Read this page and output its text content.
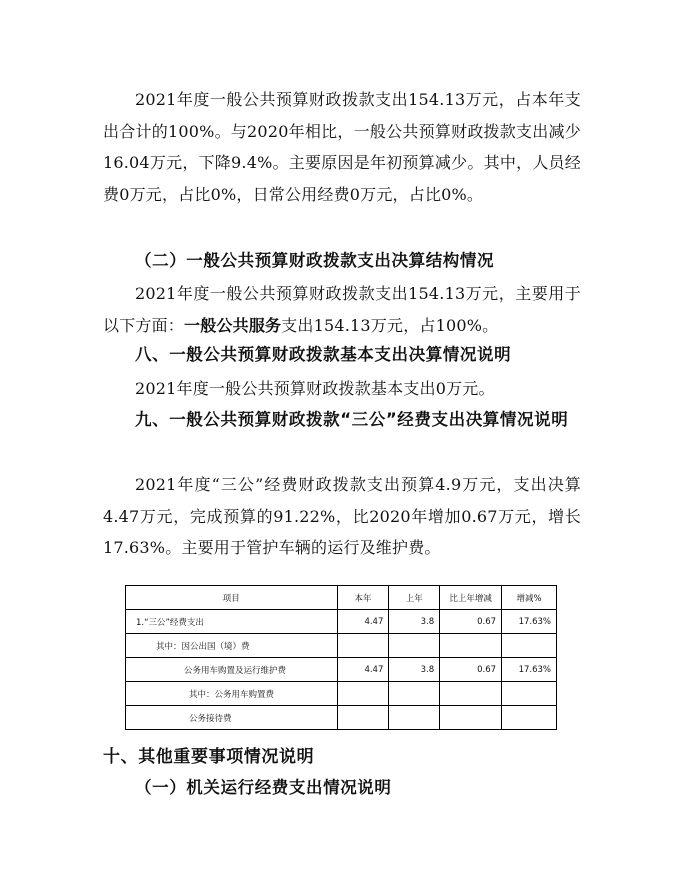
2021年度一般公共预算财政拨款支出154.13万元，占本年支出合计的100%。与2020年相比，一般公共预算财政拨款支出减少16.04万元，下降9.4%。主要原因是年初预算减少。其中，人员经费0万元，占比0%，日常公用经费0万元，占比0%。

（二）一般公共预算财政拨款支出决算结构情况

2021年度一般公共预算财政拨款支出154.13万元，主要用于以下方面：一般公共服务支出154.13万元，占100%。

八、一般公共预算财政拨款基本支出决算情况说明

2021年度一般公共预算财政拨款基本支出0万元。

九、一般公共预算财政拨款“三公”经费支出决算情况说明

2021年度“三公”经费财政拨款支出预算4.9万元，支出决算4.47万元，完成预算的91.22%，比2020年增加0.67万元，增长17.63%。主要用于管护车辆的运行及维护费。

项目	本年	上年	比上年增减	增减%
1.“三公”经费支出	4.47	3.8	0.67	17.63%
其中：因公出国（境）费				
公务用车购置及运行维护费	4.47	3.8	0.67	17.63%
其中：公务用车购置费				
公务接待费				
十、其他重要事项情况说明
（一）机关运行经费支出情况说明
